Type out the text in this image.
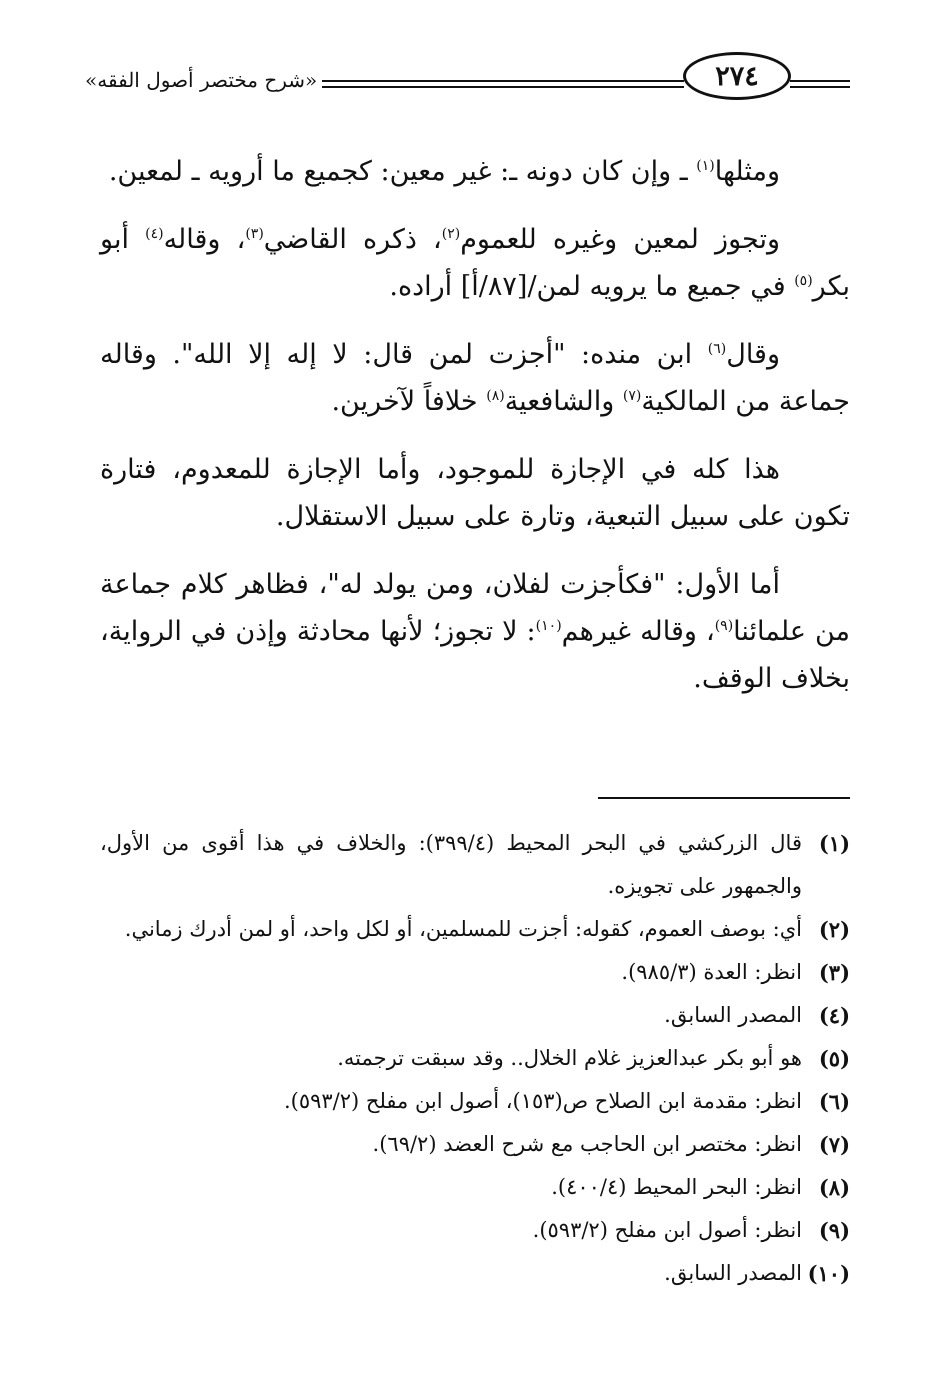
«شرح مختصر أصول الفقه»	٢٧٤

ومثلها$^{(١)}$ ـ وإن كان دونه ـ: غير معين: كجميع ما أرويه ـ لمعين.

وتجوز لمعين وغيره للعموم$^{(٢)}$، ذكره القاضي$^{(٣)}$، وقاله$^{(٤)}$ أبو بكر$^{(٥)}$ في جميع ما يرويه لمن/[٨٧/أ] أراده.

وقال$^{(٦)}$ ابن منده: "أجزت لمن قال: لا إله إلا الله". وقاله جماعة من المالكية$^{(٧)}$ والشافعية$^{(٨)}$ خلافاً لآخرين.

هذا كله في الإجازة للموجود، وأما الإجازة للمعدوم، فتارة تكون على سبيل التبعية، وتارة على سبيل الاستقلال.

أما الأول: "فكأجزت لفلان، ومن يولد له"، فظاهر كلام جماعة من علمائنا$^{(٩)}$، وقاله غيرهم$^{(١٠)}$: لا تجوز؛ لأنها محادثة وإذن في الرواية، بخلاف الوقف.

(١)
قال الزركشي في البحر المحيط (٣٩٩/٤): والخلاف في هذا أقوى من الأول، والجمهور على تجويزه.
(٢)
أي: بوصف العموم، كقوله: أجزت للمسلمين، أو لكل واحد، أو لمن أدرك زماني.
(٣)
انظر: العدة (٩٨٥/٣).
(٤)
المصدر السابق.
(٥)
هو أبو بكر عبدالعزيز غلام الخلال.. وقد سبقت ترجمته.
(٦)
انظر: مقدمة ابن الصلاح ص(١٥٣)، أصول ابن مفلح (٥٩٣/٢).
(٧)
انظر: مختصر ابن الحاجب مع شرح العضد (٦٩/٢).
(٨)
انظر: البحر المحيط (٤٠٠/٤).
(٩)
انظر: أصول ابن مفلح (٥٩٣/٢).
(١٠)
المصدر السابق.
